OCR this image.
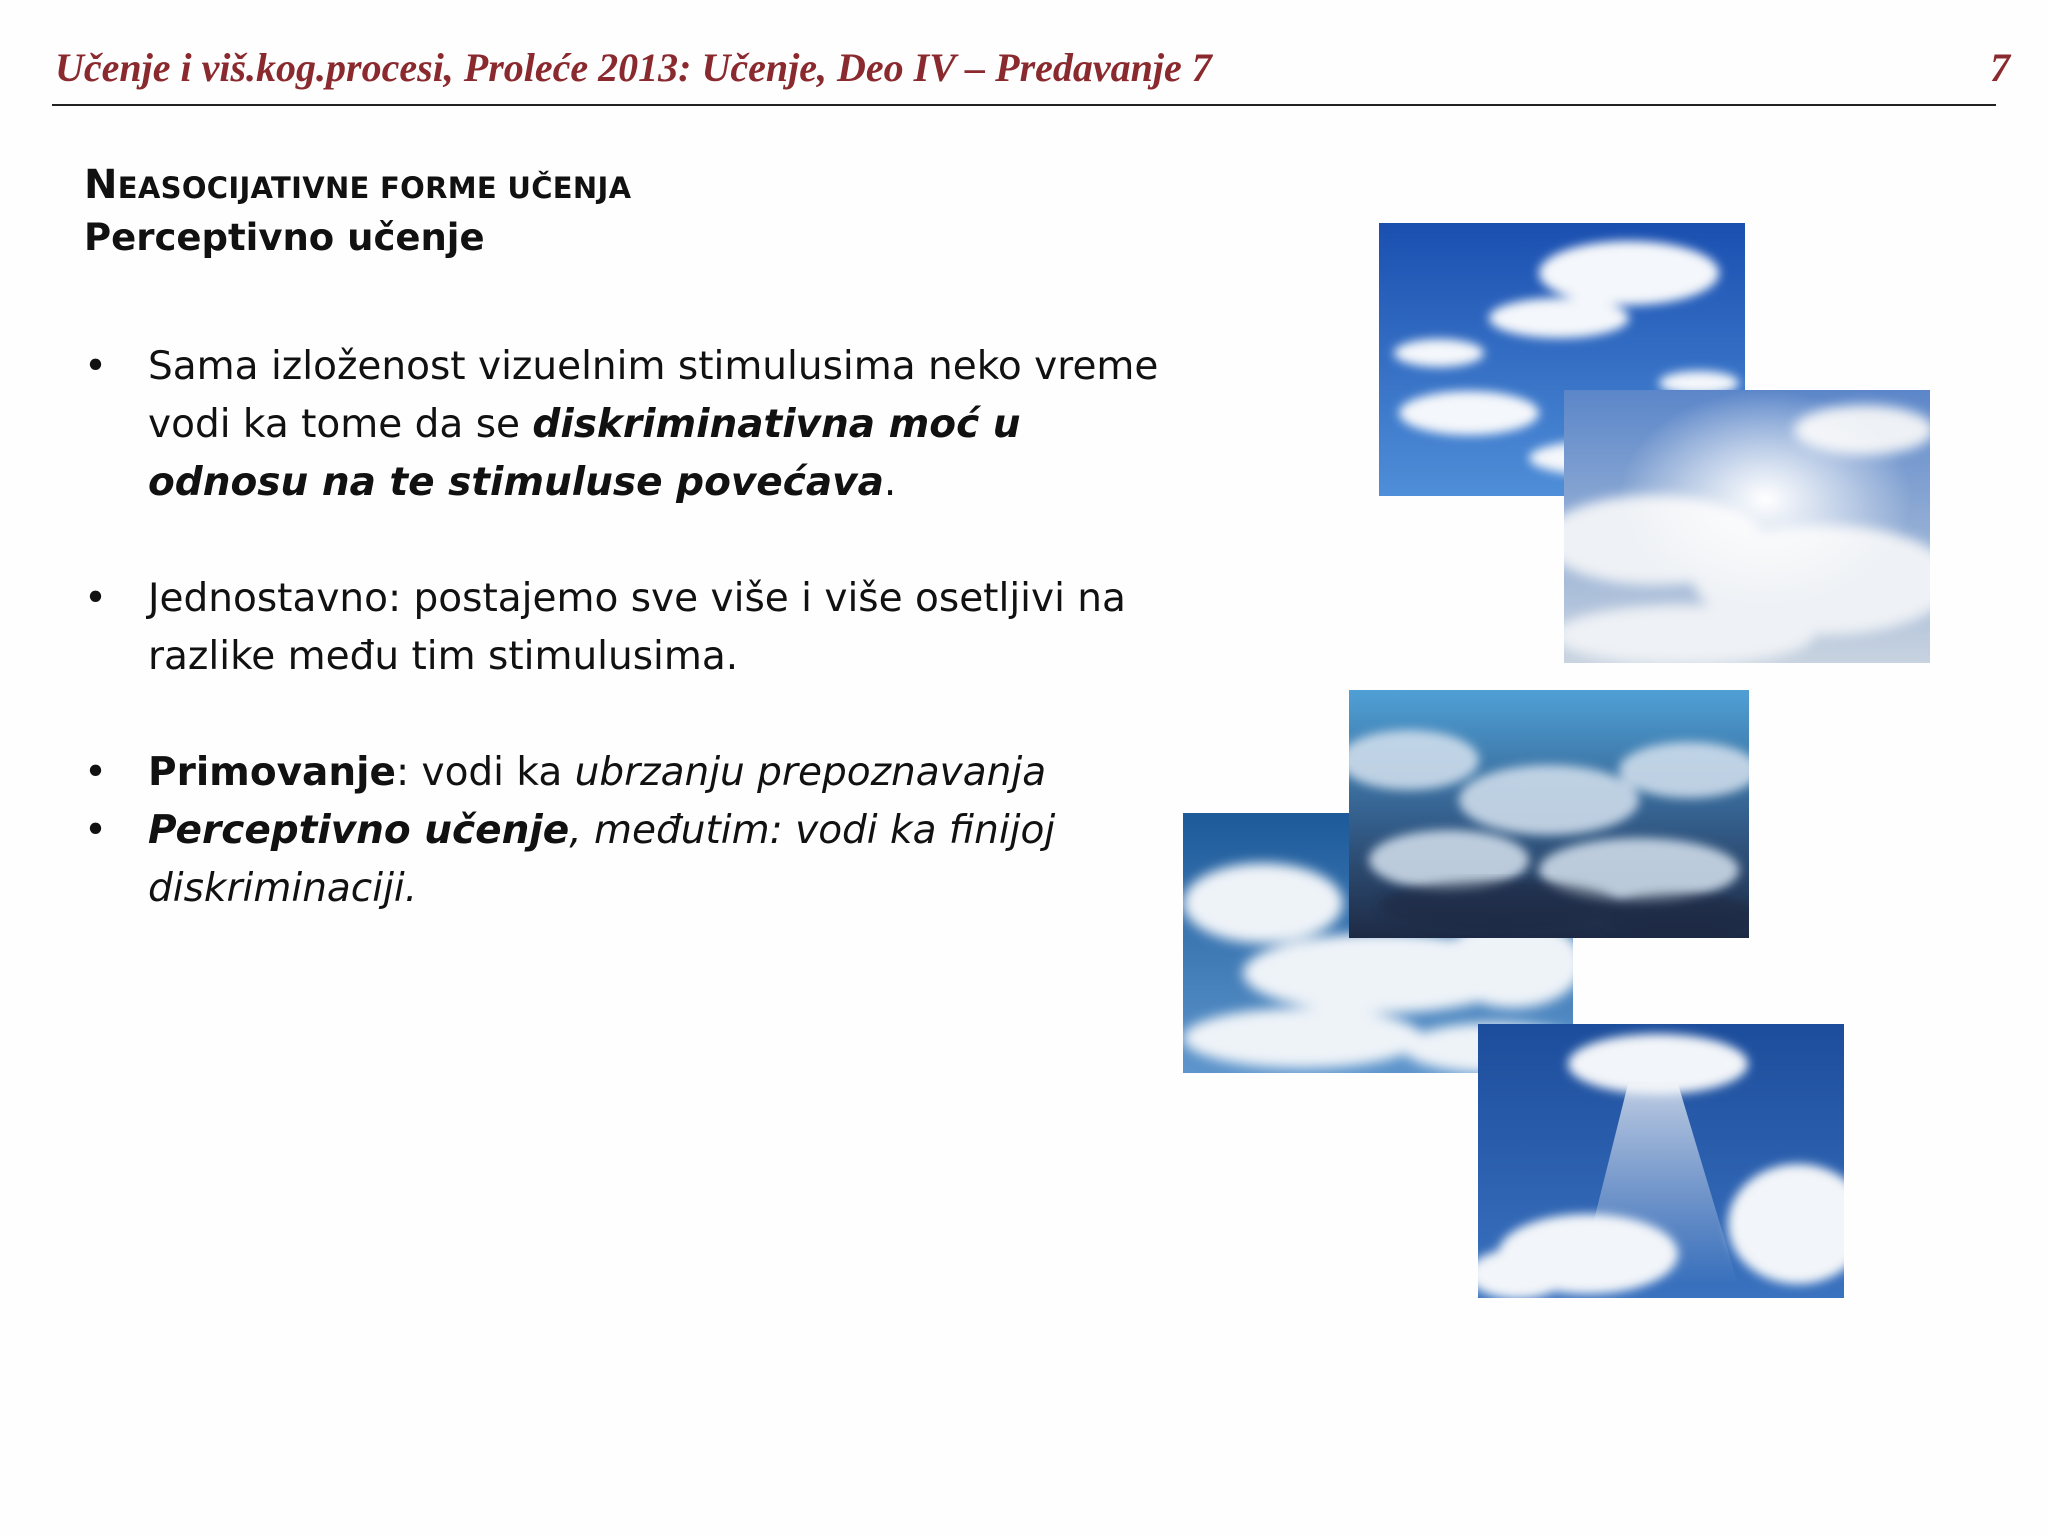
Učenje i viš.kog.procesi, Proleće 2013: Učenje, Deo IV – Predavanje 7	7
NEASOCIJATIVNE FORME UČENJA
Perceptivno učenje
• Sama izloženost vizuelnim stimulusima neko vreme vodi ka tome da se diskriminativna moć u odnosu na te stimuluse povećava.
• Jednostavno: postajemo sve više i više osetljivi na razlike među tim stimulusima.
• Primovanje: vodi ka ubrzanju prepoznavanja
• Perceptivno učenje, međutim: vodi ka finijoj diskriminaciji.
